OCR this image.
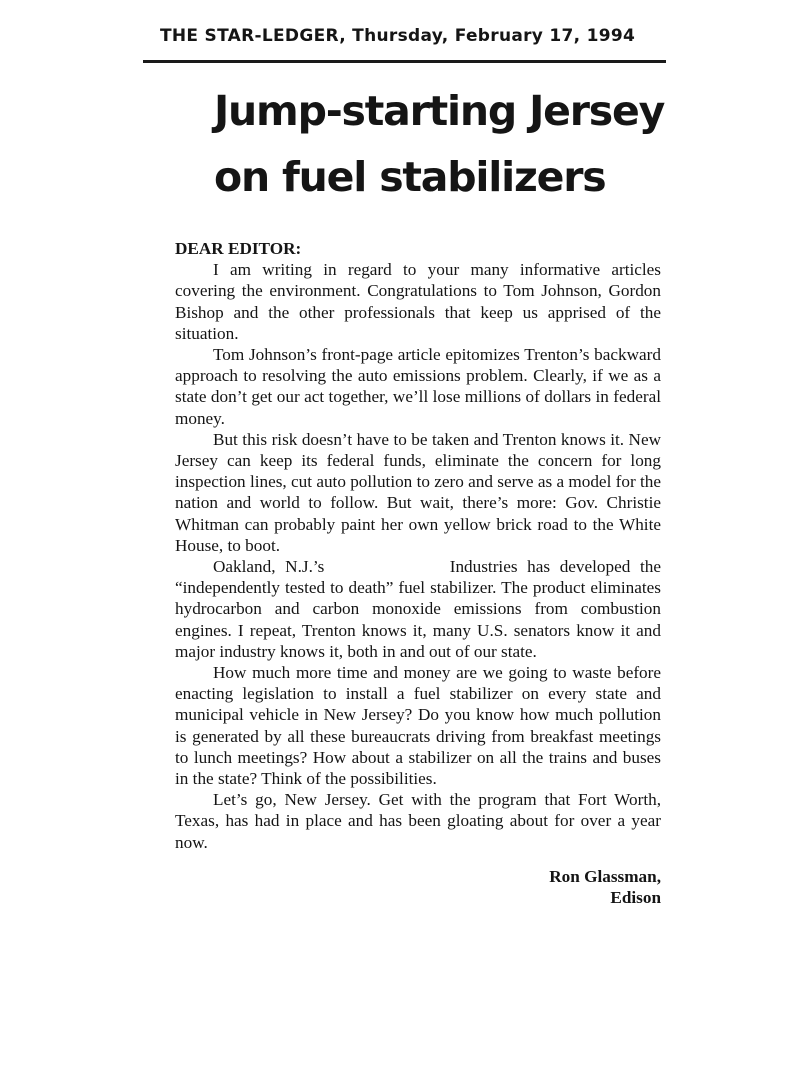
THE STAR-LEDGER, Thursday, February 17, 1994
Jump-starting Jersey
on fuel stabilizers

DEAR EDITOR:

I am writing in regard to your many informative articles covering the environment. Congratulations to Tom Johnson, Gordon Bishop and the other professionals that keep us apprised of the situation.

Tom Johnson’s front-page article epitomizes Trenton’s backward approach to resolving the auto emissions problem. Clearly, if we as a state don’t get our act together, we’ll lose millions of dollars in federal money.

But this risk doesn’t have to be taken and Trenton knows it. New Jersey can keep its federal funds, eliminate the concern for long inspection lines, cut auto pollution to zero and serve as a model for the nation and world to follow. But wait, there’s more: Gov. Christie Whitman can probably paint her own yellow brick road to the White House, to boot.

Oakland, N.J.’s             Industries has developed the “independently tested to death” fuel stabilizer. The product eliminates hydrocarbon and carbon monoxide emissions from combustion engines. I repeat, Trenton knows it, many U.S. senators know it and major industry knows it, both in and out of our state.

How much more time and money are we going to waste before enacting legislation to install a fuel stabilizer on every state and municipal vehicle in New Jersey? Do you know how much pollution is generated by all these bureaucrats driving from breakfast meetings to lunch meetings? How about a stabilizer on all the trains and buses in the state? Think of the possibilities.

Let’s go, New Jersey. Get with the program that Fort Worth, Texas, has had in place and has been gloating about for over a year now.

Ron Glassman,
Edison
